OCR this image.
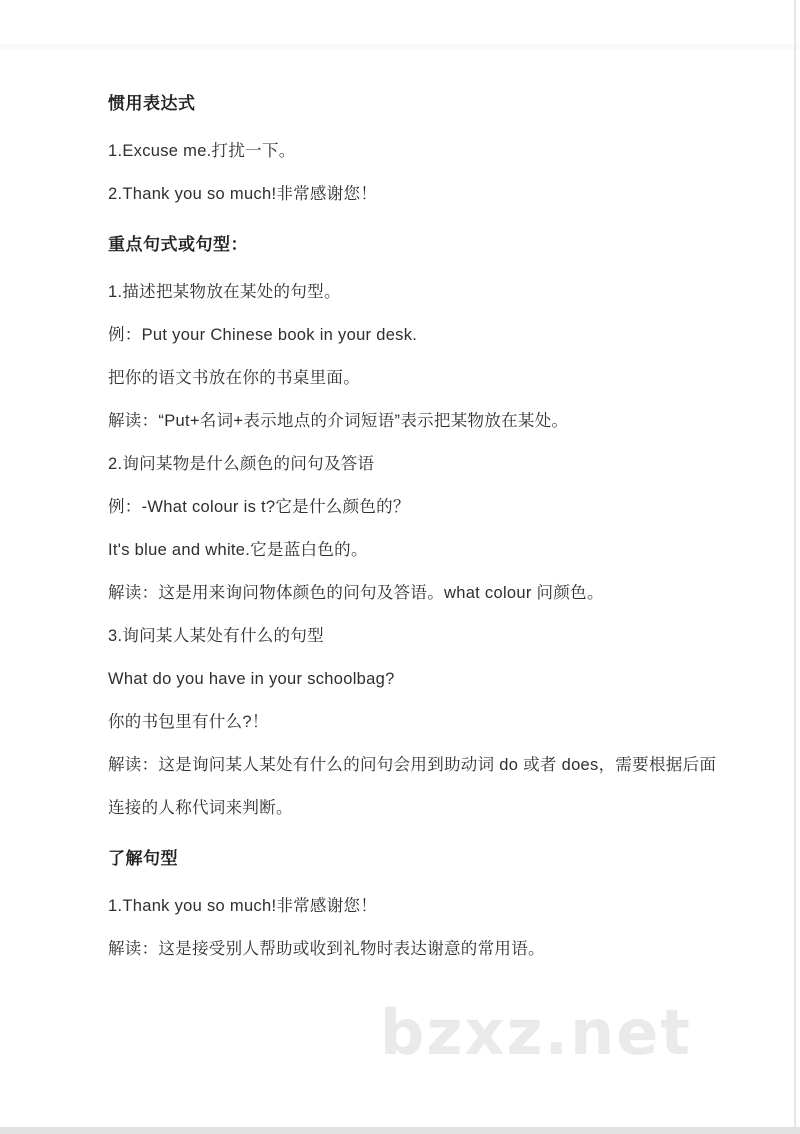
惯用表达式

1.Excuse me.打扰一下。

2.Thank you so much!非常感谢您！

重点句式或句型：

1.描述把某物放在某处的句型。

例：Put your Chinese book in your desk.

把你的语文书放在你的书桌里面。

解读：“Put+名词+表示地点的介词短语”表示把某物放在某处。

2.询问某物是什么颜色的问句及答语

例：-What colour is t?它是什么颜色的？

It's blue and white.它是蓝白色的。

解读：这是用来询问物体颜色的问句及答语。what colour 问颜色。

3.询问某人某处有什么的句型

What do you have in your schoolbag?

你的书包里有什么?！

解读：这是询问某人某处有什么的问句会用到助动词 do 或者 does，需要根据后面

连接的人称代词来判断。

了解句型

1.Thank you so much!非常感谢您！

解读：这是接受别人帮助或收到礼物时表达谢意的常用语。

bzxz.net
